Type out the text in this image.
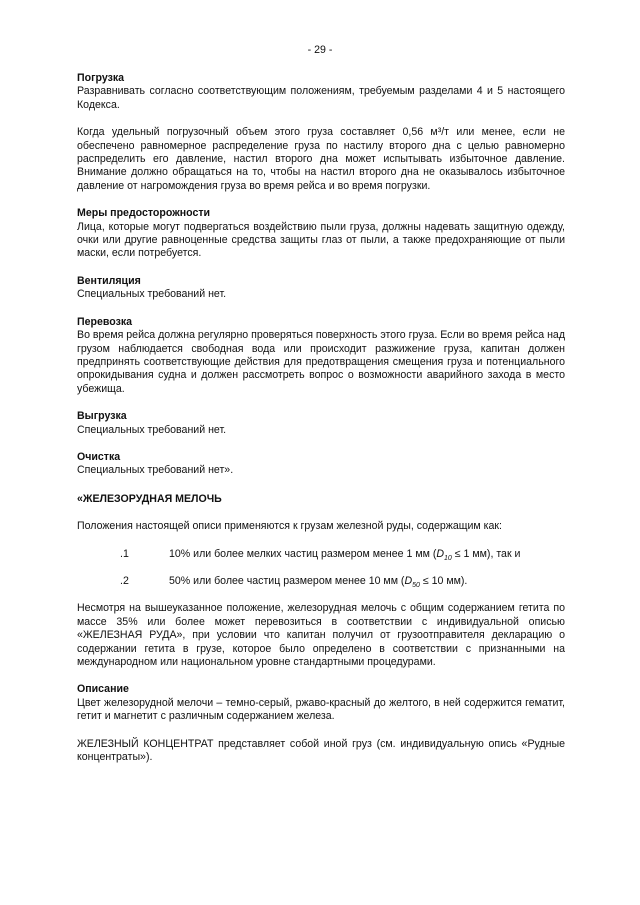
- 29 -

Погрузка

Разравнивать согласно соответствующим положениям, требуемым разделами 4 и 5 настоящего Кодекса.

Когда удельный погрузочный объем этого груза составляет 0,56 м³/т или менее, если не обеспечено равномерное распределение груза по настилу второго дна с целью равномерно распределить его давление, настил второго дна может испытывать избыточное давление. Внимание должно обращаться на то, чтобы на настил второго дна не оказывалось избыточное давление от нагромождения груза во время рейса и во время погрузки.

Меры предосторожности

Лица, которые могут подвергаться воздействию пыли груза, должны надевать защитную одежду, очки или другие равноценные средства защиты глаз от пыли, а также предохраняющие от пыли маски, если потребуется.

Вентиляция

Специальных требований нет.

Перевозка

Во время рейса должна регулярно проверяться поверхность этого груза. Если во время рейса над грузом наблюдается свободная вода или происходит разжижение груза, капитан должен предпринять соответствующие действия для предотвращения смещения груза и потенциального опрокидывания судна и должен рассмотреть вопрос о возможности аварийного захода в место убежища.

Выгрузка

Специальных требований нет.

Очистка

Специальных требований нет».

«ЖЕЛЕЗОРУДНАЯ МЕЛОЧЬ

Положения настоящей описи применяются к грузам железной руды, содержащим как:

.1	10% или более мелких частиц размером менее 1 мм ($D_{10} \le 1$ мм), так и
.2	50% или более частиц размером менее 10 мм ($D_{50} \le 10$ мм).

Несмотря на вышеуказанное положение, железорудная мелочь с общим содержанием гетита по массе 35% или более может перевозиться в соответствии с индивидуальной описью «ЖЕЛЕЗНАЯ РУДА», при условии что капитан получил от грузоотправителя декларацию о содержании гетита в грузе, которое было определено в соответствии с признанными на международном или национальном уровне стандартными процедурами.

Описание

Цвет железорудной мелочи – темно-серый, ржаво-красный до желтого, в ней содержится гематит, гетит и магнетит с различным содержанием железа.

ЖЕЛЕЗНЫЙ КОНЦЕНТРАТ представляет собой иной груз (см. индивидуальную опись «Рудные концентраты»).
